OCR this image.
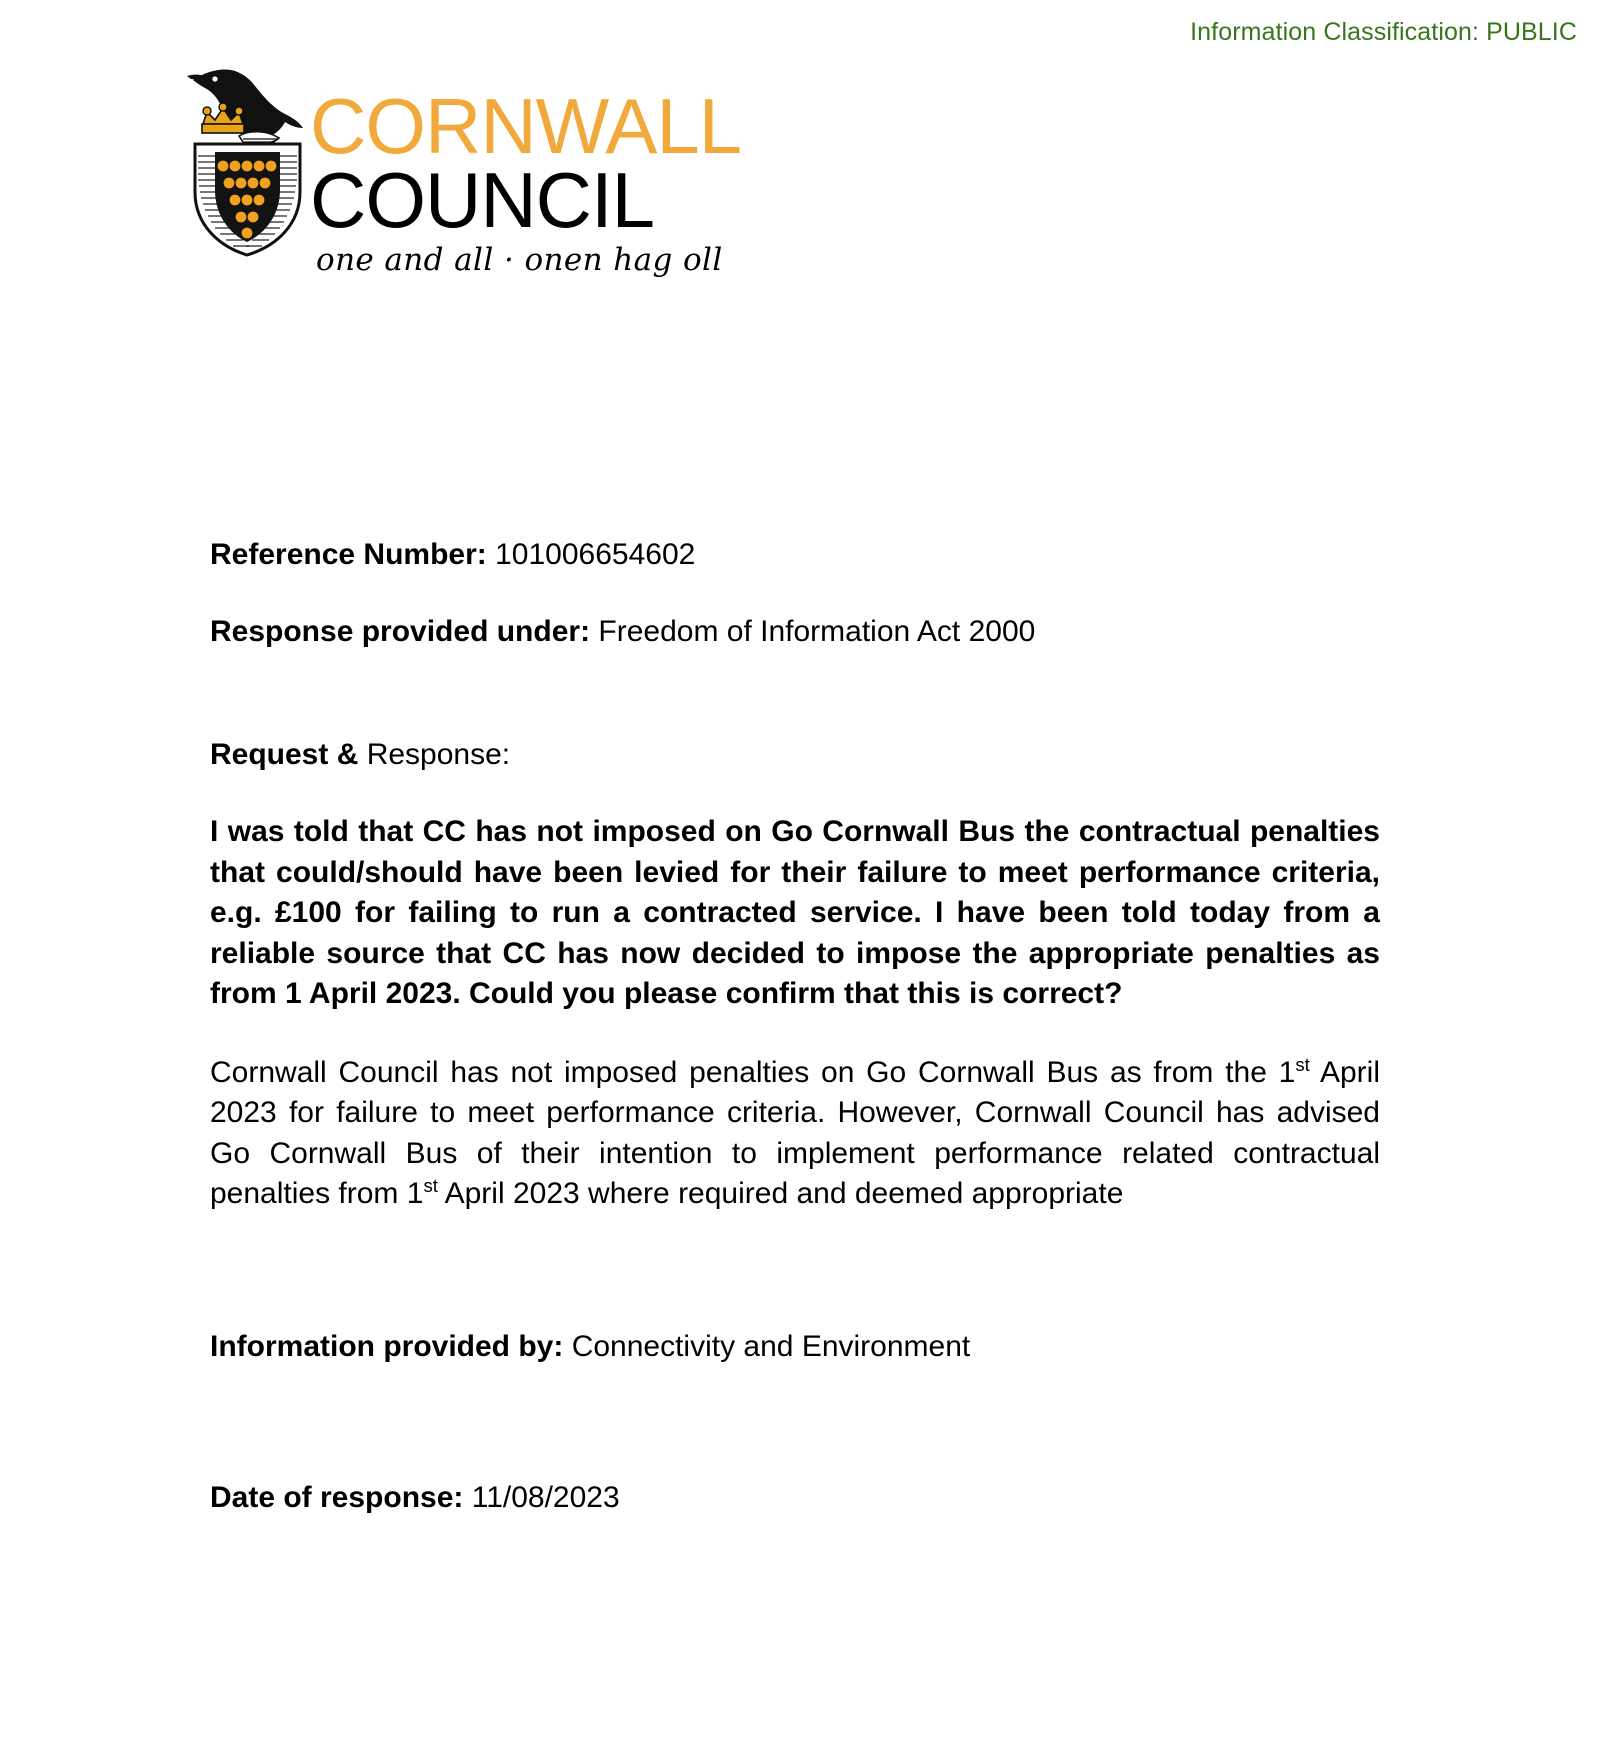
Information Classification: PUBLIC
CORNWALL
COUNCIL
one and all · onen hag oll

Reference Number: 101006654602

Response provided under: Freedom of Information Act 2000

Request & Response:

I was told that CC has not imposed on Go Cornwall Bus the contractual penalties that could/should have been levied for their failure to meet performance criteria, e.g. £100 for failing to run a contracted service. I have been told today from a reliable source that CC has now decided to impose the appropriate penalties as from 1 April 2023. Could you please confirm that this is correct?

Cornwall Council has not imposed penalties on Go Cornwall Bus as from the 1st April 2023 for failure to meet performance criteria. However, Cornwall Council has advised Go Cornwall Bus of their intention to implement performance related contractual penalties from 1st April 2023 where required and deemed appropriate

Information provided by: Connectivity and Environment

Date of response: 11/08/2023
